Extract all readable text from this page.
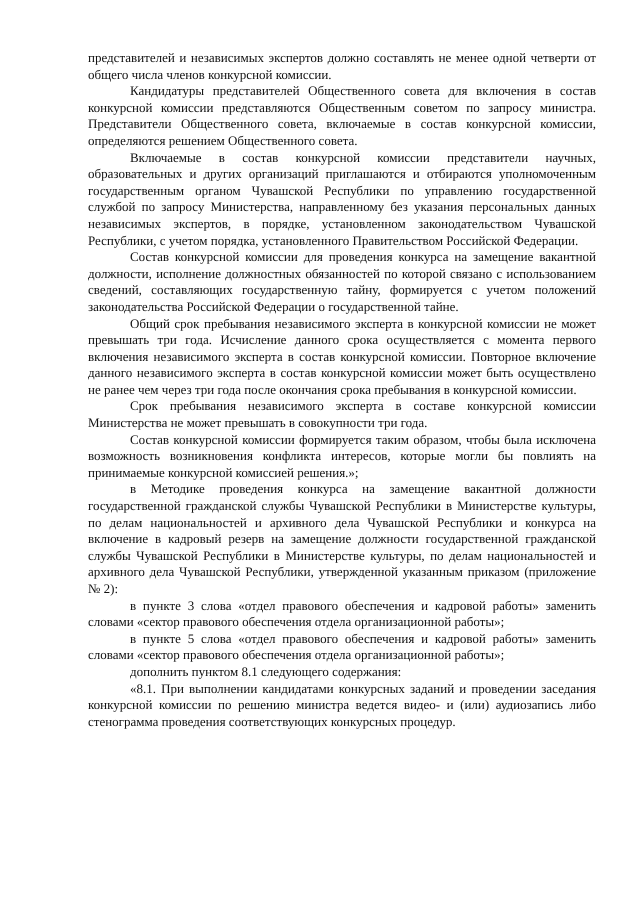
представителей и независимых экспертов должно составлять не менее одной четверти от общего числа членов конкурсной комиссии.

Кандидатуры представителей Общественного совета для включения в состав конкурсной комиссии представляются Общественным советом по запросу министра. Представители Общественного совета, включаемые в состав конкурсной комиссии, определяются решением Общественного совета.

Включаемые в состав конкурсной комиссии представители научных, образовательных и других организаций приглашаются и отбираются уполномоченным государственным органом Чувашской Республики по управлению государственной службой по запросу Министерства, направленному без указания персональных данных независимых экспертов, в порядке, установленном законодательством Чувашской Республики, с учетом порядка, установленного Правительством Российской Федерации.

Состав конкурсной комиссии для проведения конкурса на замещение вакантной должности, исполнение должностных обязанностей по которой связано с использованием сведений, составляющих государственную тайну, формируется с учетом положений законодательства Российской Федерации о государственной тайне.

Общий срок пребывания независимого эксперта в конкурсной комиссии не может превышать три года. Исчисление данного срока осуществляется с момента первого включения независимого эксперта в состав конкурсной комиссии. Повторное включение данного независимого эксперта в состав конкурсной комиссии может быть осуществлено не ранее чем через три года после окончания срока пребывания в конкурсной комиссии.

Срок пребывания независимого эксперта в составе конкурсной комиссии Министерства не может превышать в совокупности три года.

Состав конкурсной комиссии формируется таким образом, чтобы была исключена возможность возникновения конфликта интересов, которые могли бы повлиять на принимаемые конкурсной комиссией решения.»;

в Методике проведения конкурса на замещение вакантной должности государственной гражданской службы Чувашской Республики в Министерстве культуры, по делам национальностей и архивного дела Чувашской Республики и конкурса на включение в кадровый резерв на замещение должности государственной гражданской службы Чувашской Республики в Министерстве культуры, по делам национальностей и архивного дела Чувашской Республики, утвержденной указанным приказом (приложение № 2):

в пункте 3 слова «отдел правового обеспечения и кадровой работы» заменить словами «сектор правового обеспечения отдела организационной работы»;

в пункте 5 слова «отдел правового обеспечения и кадровой работы» заменить словами «сектор правового обеспечения отдела организационной работы»;

дополнить пунктом 8.1 следующего содержания:

«8.1. При выполнении кандидатами конкурсных заданий и проведении заседания конкурсной комиссии по решению министра ведется видео- и (или) аудиозапись либо стенограмма проведения соответствующих конкурсных процедур.
